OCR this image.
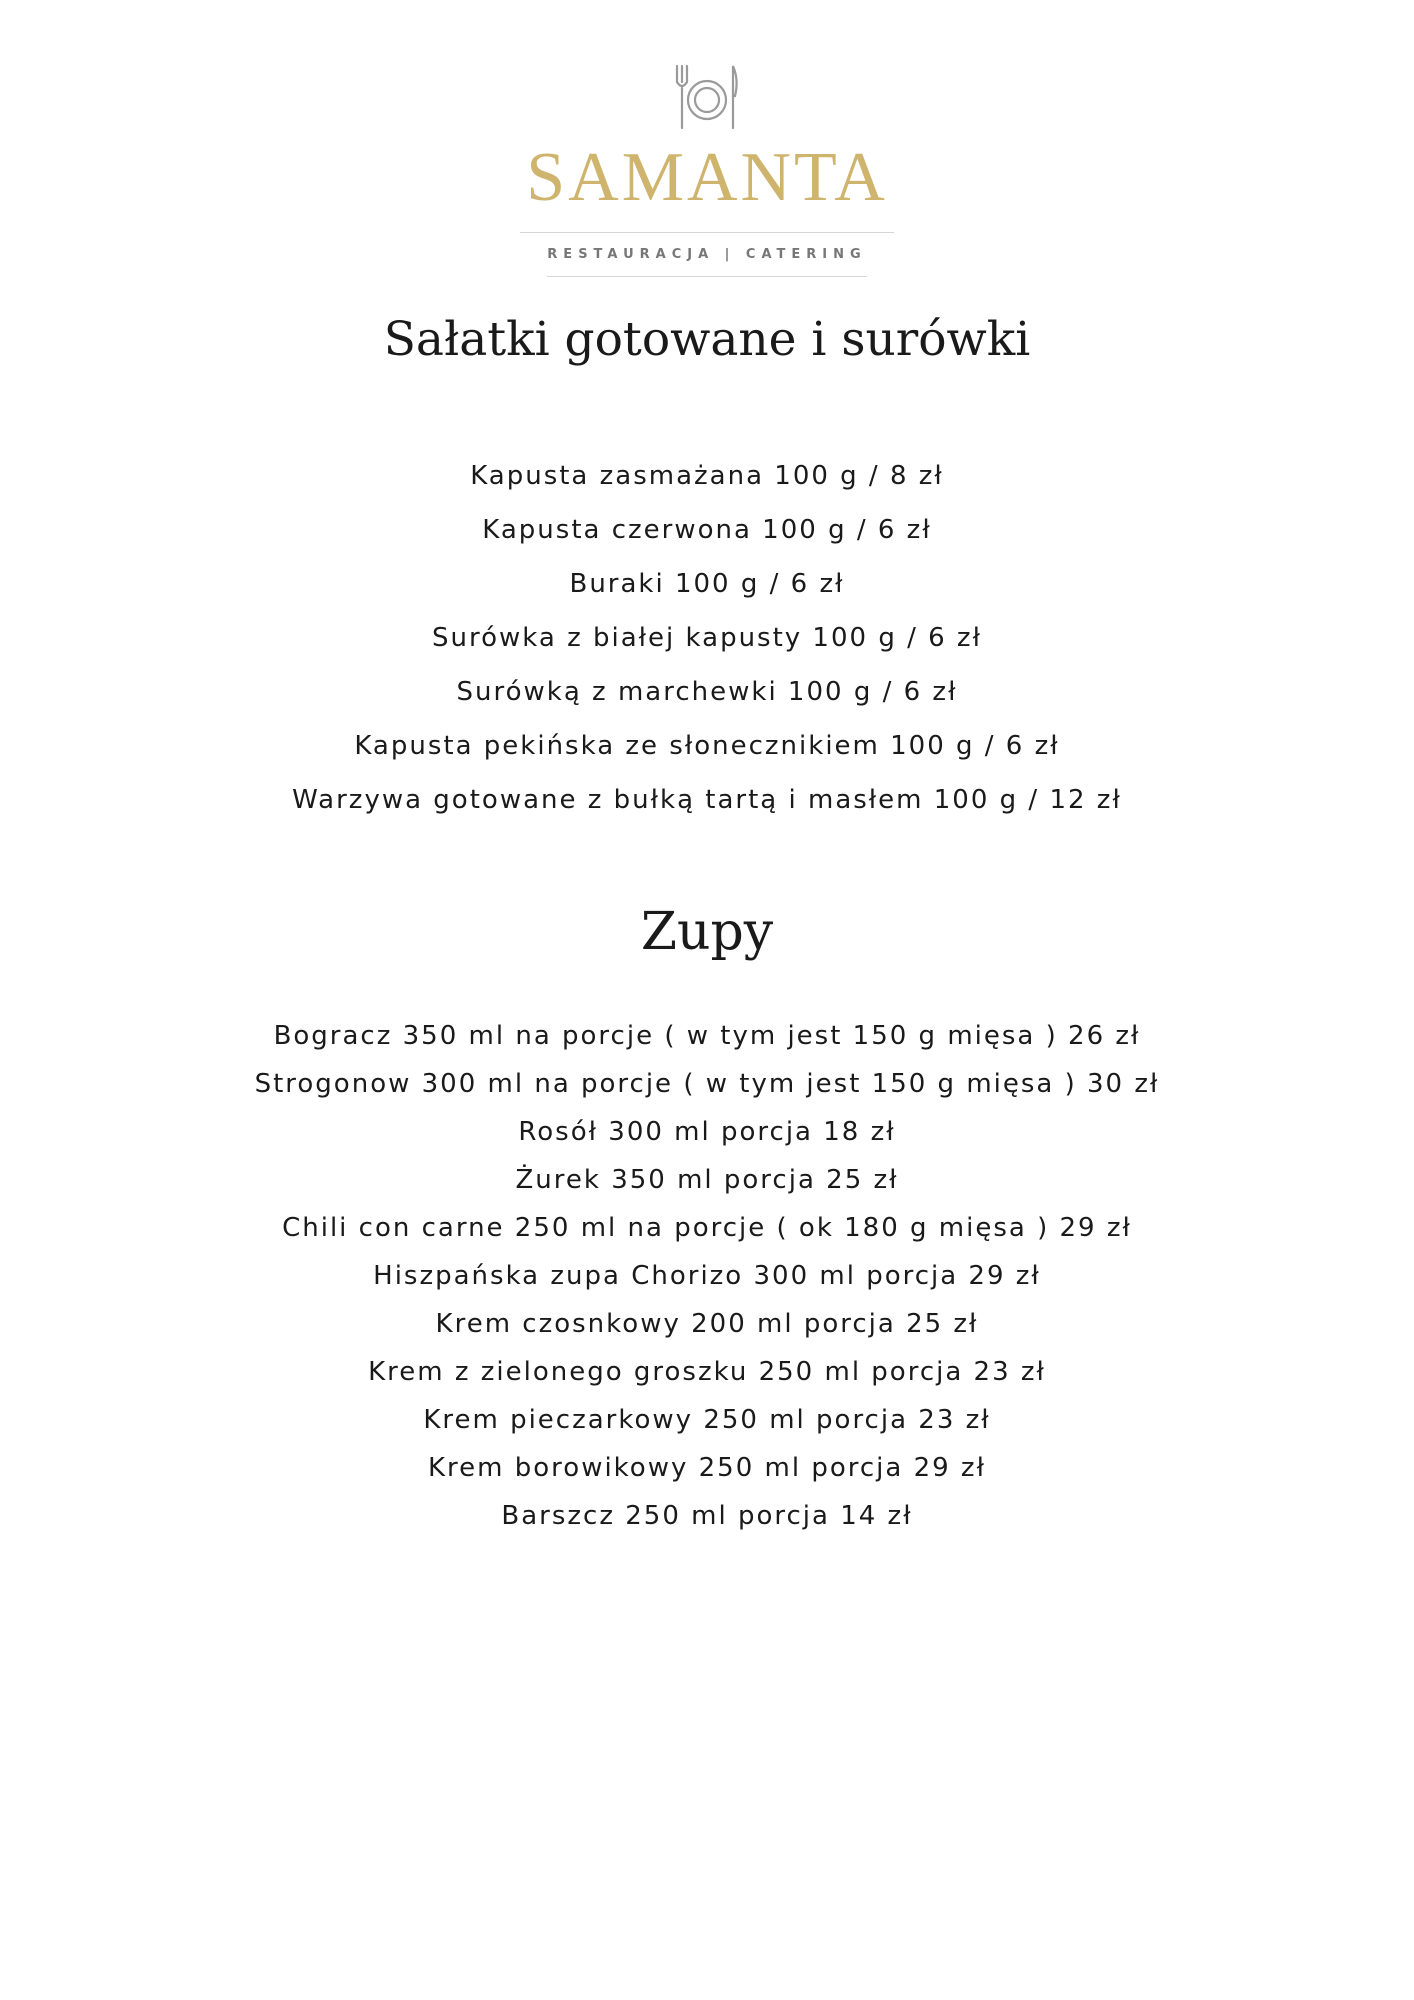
SAMANTA
RESTAURACJA | CATERING
Sałatki gotowane i surówki
Kapusta zasmażana 100 g / 8 zł
Kapusta czerwona 100 g / 6 zł
Buraki 100 g / 6 zł
Surówka z białej kapusty 100 g / 6 zł
Surówką z marchewki 100 g / 6 zł
Kapusta pekińska ze słonecznikiem 100 g / 6 zł
Warzywa gotowane z bułką tartą i masłem 100 g / 12 zł
Zupy
Bogracz 350 ml na porcje ( w tym jest 150 g mięsa ) 26 zł
Strogonow 300 ml na porcje ( w tym jest 150 g mięsa ) 30 zł
Rosół 300 ml porcja 18 zł
Żurek 350 ml porcja 25 zł
Chili con carne 250 ml na porcje ( ok 180 g mięsa ) 29 zł
Hiszpańska zupa Chorizo 300 ml porcja 29 zł
Krem czosnkowy 200 ml porcja 25 zł
Krem z zielonego groszku 250 ml porcja 23 zł
Krem pieczarkowy 250 ml porcja 23 zł
Krem borowikowy 250 ml porcja 29 zł
Barszcz 250 ml porcja 14 zł
